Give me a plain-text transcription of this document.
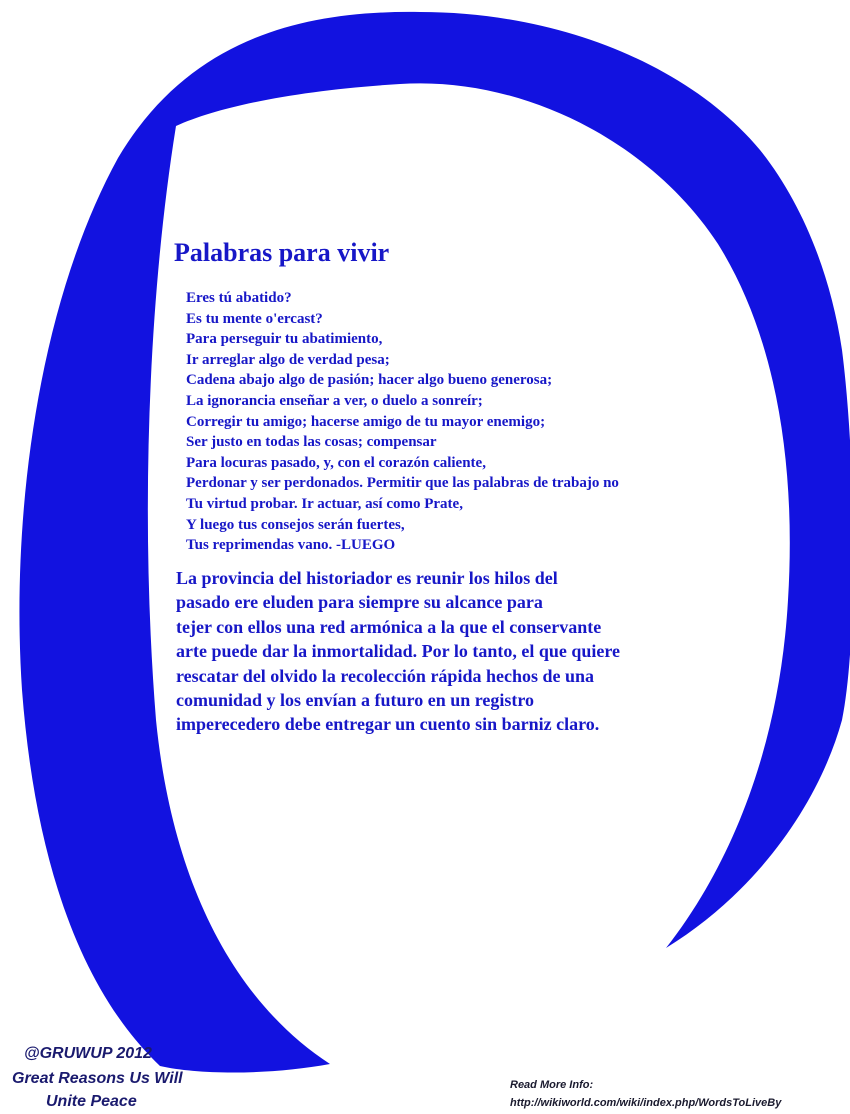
Palabras para vivir
Eres tú abatido?
Es tu mente o'ercast?
Para perseguir tu abatimiento,
Ir arreglar algo de verdad pesa;
Cadena abajo algo de pasión; hacer algo bueno generosa;
La ignorancia enseñar a ver, o duelo a sonreír;
Corregir tu amigo; hacerse amigo de tu mayor enemigo;
Ser justo en todas las cosas; compensar
Para locuras pasado, y, con el corazón caliente,
Perdonar y ser perdonados. Permitir que las palabras de trabajo no
Tu virtud probar. Ir actuar, así como Prate,
Y luego tus consejos serán fuertes,
Tus reprimendas vano. -LUEGO
La provincia del historiador es reunir los hilos del
pasado ere eluden para siempre su alcance para
tejer con ellos una red armónica a la que el conservante
arte puede dar la inmortalidad. Por lo tanto, el que quiere
rescatar del olvido la recolección rápida hechos de una
comunidad y los envían a futuro en un registro
imperecedero debe entregar un cuento sin barniz claro.
@GRUWUP 2012
Great Reasons Us Will
Unite Peace
Read More Info:
http://wikiworld.com/wiki/index.php/WordsToLiveBy
